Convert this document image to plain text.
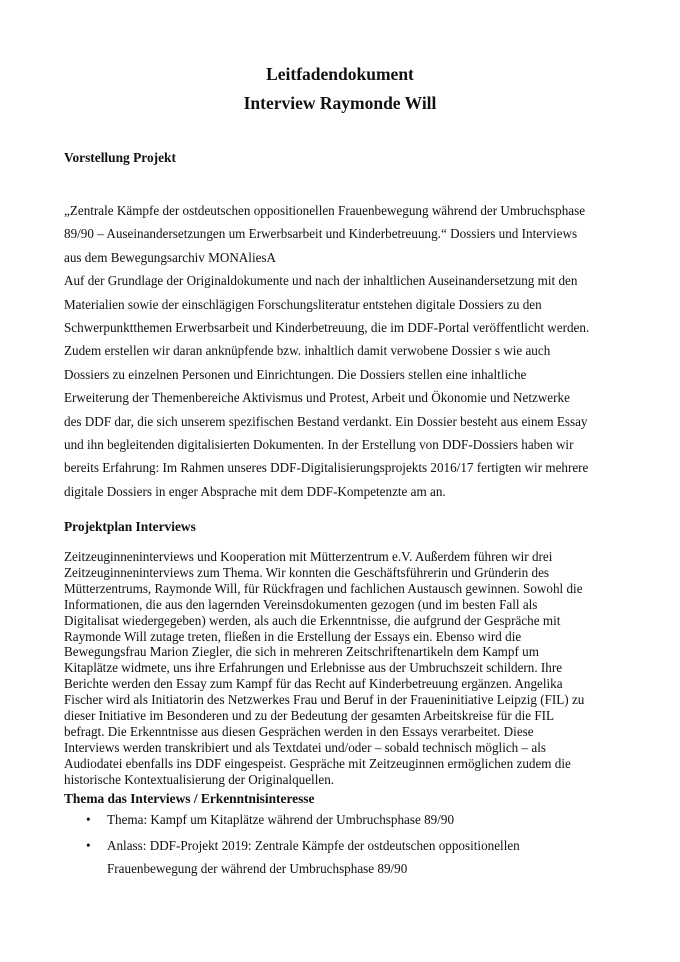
Leitfadendokument
Interview Raymonde Will
Vorstellung Projekt

„Zentrale Kämpfe der ostdeutschen oppositionellen Frauenbewegung während der Umbruchsphase
89/90 – Auseinandersetzungen um Erwerbsarbeit und Kinderbetreuung.“ Dossiers und Interviews
aus dem Bewegungsarchiv MONAliesA
Auf der Grundlage der Originaldokumente und nach der inhaltlichen Auseinandersetzung mit den
Materialien sowie der einschlägigen Forschungsliteratur entstehen digitale Dossiers zu den
Schwerpunktthemen Erwerbsarbeit und Kinderbetreuung, die im DDF-Portal veröffentlicht werden.
Zudem erstellen wir daran anknüpfende bzw. inhaltlich damit verwobene Dossier s wie auch
Dossiers zu einzelnen Personen und Einrichtungen. Die Dossiers stellen eine inhaltliche
Erweiterung der Themenbereiche Aktivismus und Protest, Arbeit und Ökonomie und Netzwerke
des DDF dar, die sich unserem spezifischen Bestand verdankt. Ein Dossier besteht aus einem Essay
und ihn begleitenden digitalisierten Dokumenten. In der Erstellung von DDF-Dossiers haben wir
bereits Erfahrung: Im Rahmen unseres DDF-Digitalisierungsprojekts 2016/17 fertigten wir mehrere
digitale Dossiers in enger Absprache mit dem DDF-Kompetenzte am an.

Projektplan Interviews

Zeitzeuginneninterviews und Kooperation mit Mütterzentrum e.V. Außerdem führen wir drei
Zeitzeuginneninterviews zum Thema. Wir konnten die Geschäftsführerin und Gründerin des
Mütterzentrums, Raymonde Will, für Rückfragen und fachlichen Austausch gewinnen. Sowohl die
Informationen, die aus den lagernden Vereinsdokumenten gezogen (und im besten Fall als
Digitalisat wiedergegeben) werden, als auch die Erkenntnisse, die aufgrund der Gespräche mit
Raymonde Will zutage treten, fließen in die Erstellung der Essays ein. Ebenso wird die
Bewegungsfrau Marion Ziegler, die sich in mehreren Zeitschriftenartikeln dem Kampf um
Kitaplätze widmete, uns ihre Erfahrungen und Erlebnisse aus der Umbruchszeit schildern. Ihre
Berichte werden den Essay zum Kampf für das Recht auf Kinderbetreuung ergänzen. Angelika
Fischer wird als Initiatorin des Netzwerkes Frau und Beruf in der Fraueninitiative Leipzig (FIL) zu
dieser Initiative im Besonderen und zu der Bedeutung der gesamten Arbeitskreise für die FIL
befragt. Die Erkenntnisse aus diesen Gesprächen werden in den Essays verarbeitet. Diese
Interviews werden transkribiert und als Textdatei und/oder – sobald technisch möglich – als
Audiodatei ebenfalls ins DDF eingespeist. Gespräche mit Zeitzeuginnen ermöglichen zudem die
historische Kontextualisierung der Originalquellen.

Thema das Interviews / Erkenntnisinteresse
• Thema: Kampf um Kitaplätze während der Umbruchsphase 89/90
• Anlass: DDF-Projekt 2019: Zentrale Kämpfe der ostdeutschen oppositionellen
Frauenbewegung der während der Umbruchsphase 89/90
